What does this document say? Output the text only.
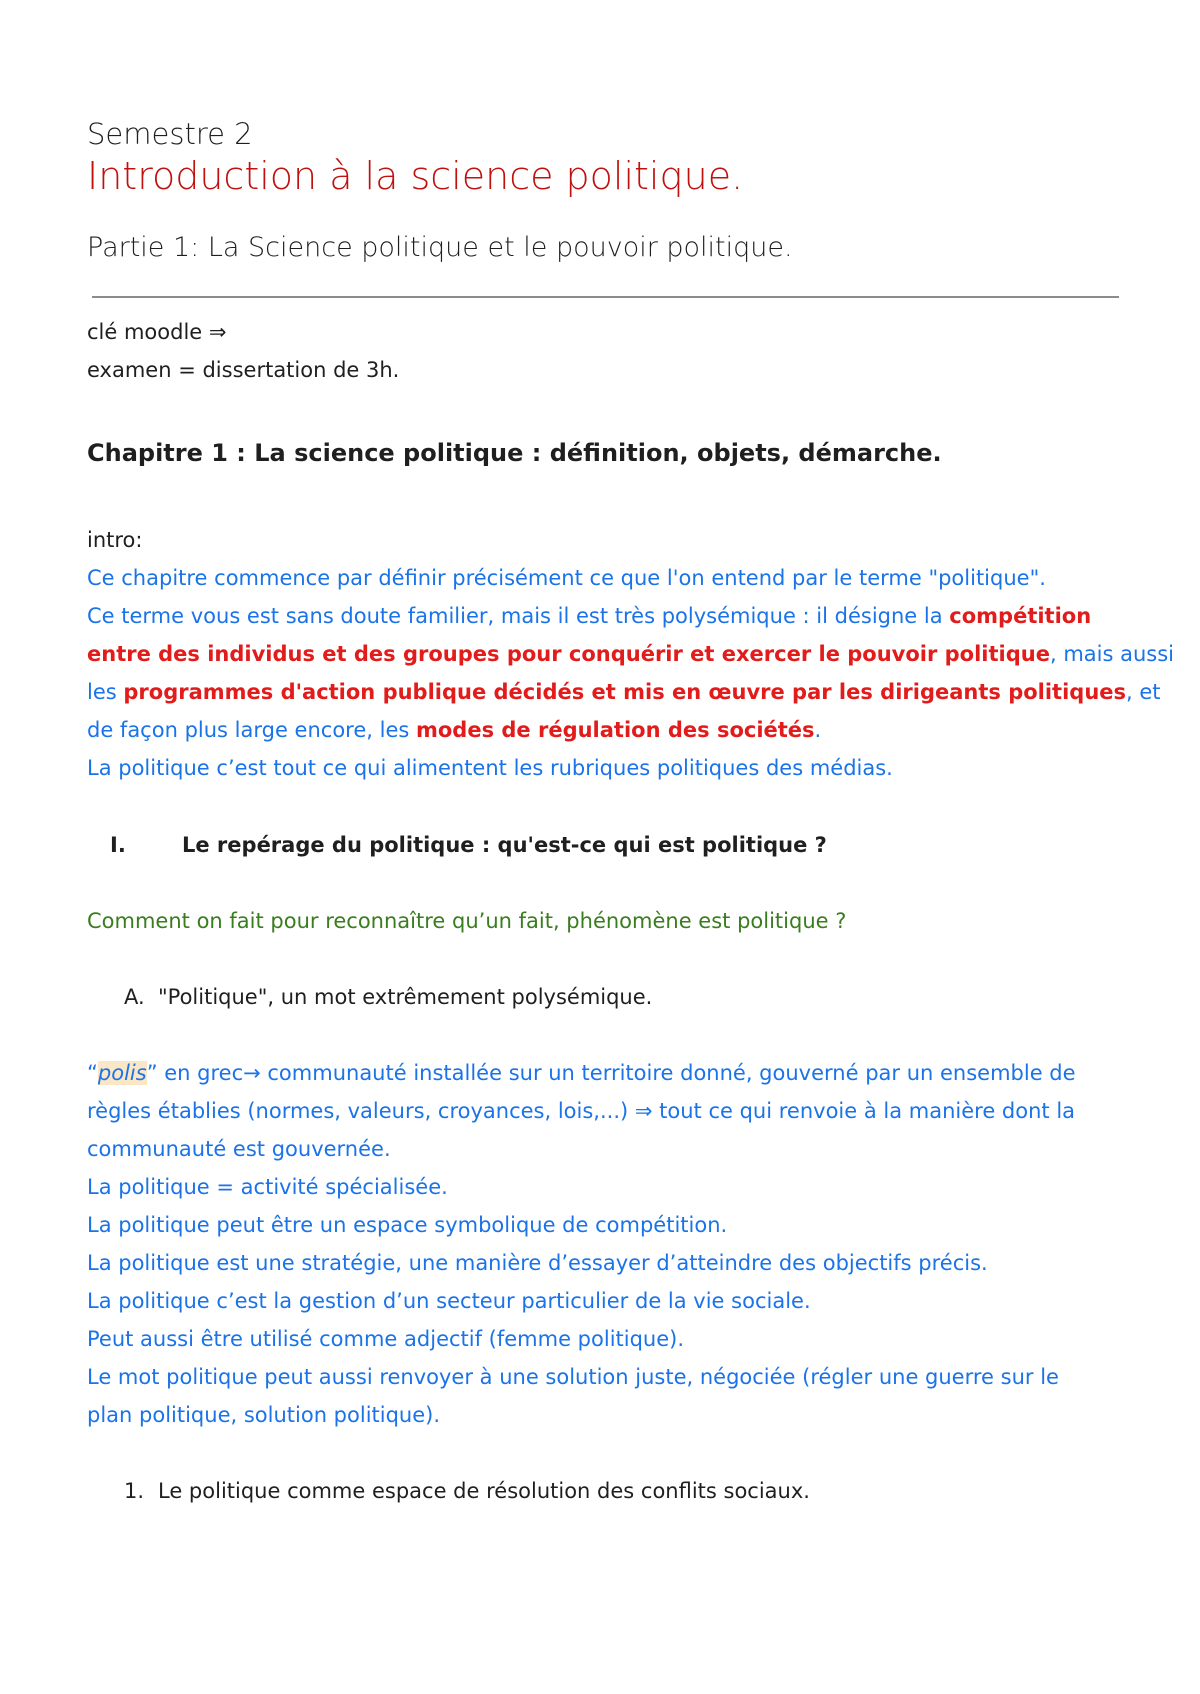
Semestre 2
Introduction à la science politique.
Partie 1: La Science politique et le pouvoir politique.
clé moodle ⇒
examen = dissertation de 3h.
Chapitre 1 : La science politique : définition, objets, démarche.
intro:
Ce chapitre commence par définir précisément ce que l'on entend par le terme "politique".
Ce terme vous est sans doute familier, mais il est très polysémique : il désigne la compétition
entre des individus et des groupes pour conquérir et exercer le pouvoir politique, mais aussi
les programmes d'action publique décidés et mis en œuvre par les dirigeants politiques, et
de façon plus large encore, les modes de régulation des sociétés.
La politique c’est tout ce qui alimentent les rubriques politiques des médias.
I.	Le repérage du politique : qu'est-ce qui est politique ?
Comment on fait pour reconnaître qu’un fait, phénomène est politique ?
A. "Politique", un mot extrêmement polysémique.
“polis” en grec→ communauté installée sur un territoire donné, gouverné par un ensemble de
règles établies (normes, valeurs, croyances, lois,...) ⇒ tout ce qui renvoie à la manière dont la
communauté est gouvernée.
La politique = activité spécialisée.
La politique peut être un espace symbolique de compétition.
La politique est une stratégie, une manière d’essayer d’atteindre des objectifs précis.
La politique c’est la gestion d’un secteur particulier de la vie sociale.
Peut aussi être utilisé comme adjectif (femme politique).
Le mot politique peut aussi renvoyer à une solution juste, négociée (régler une guerre sur le
plan politique, solution politique).
1. Le politique comme espace de résolution des conflits sociaux.
